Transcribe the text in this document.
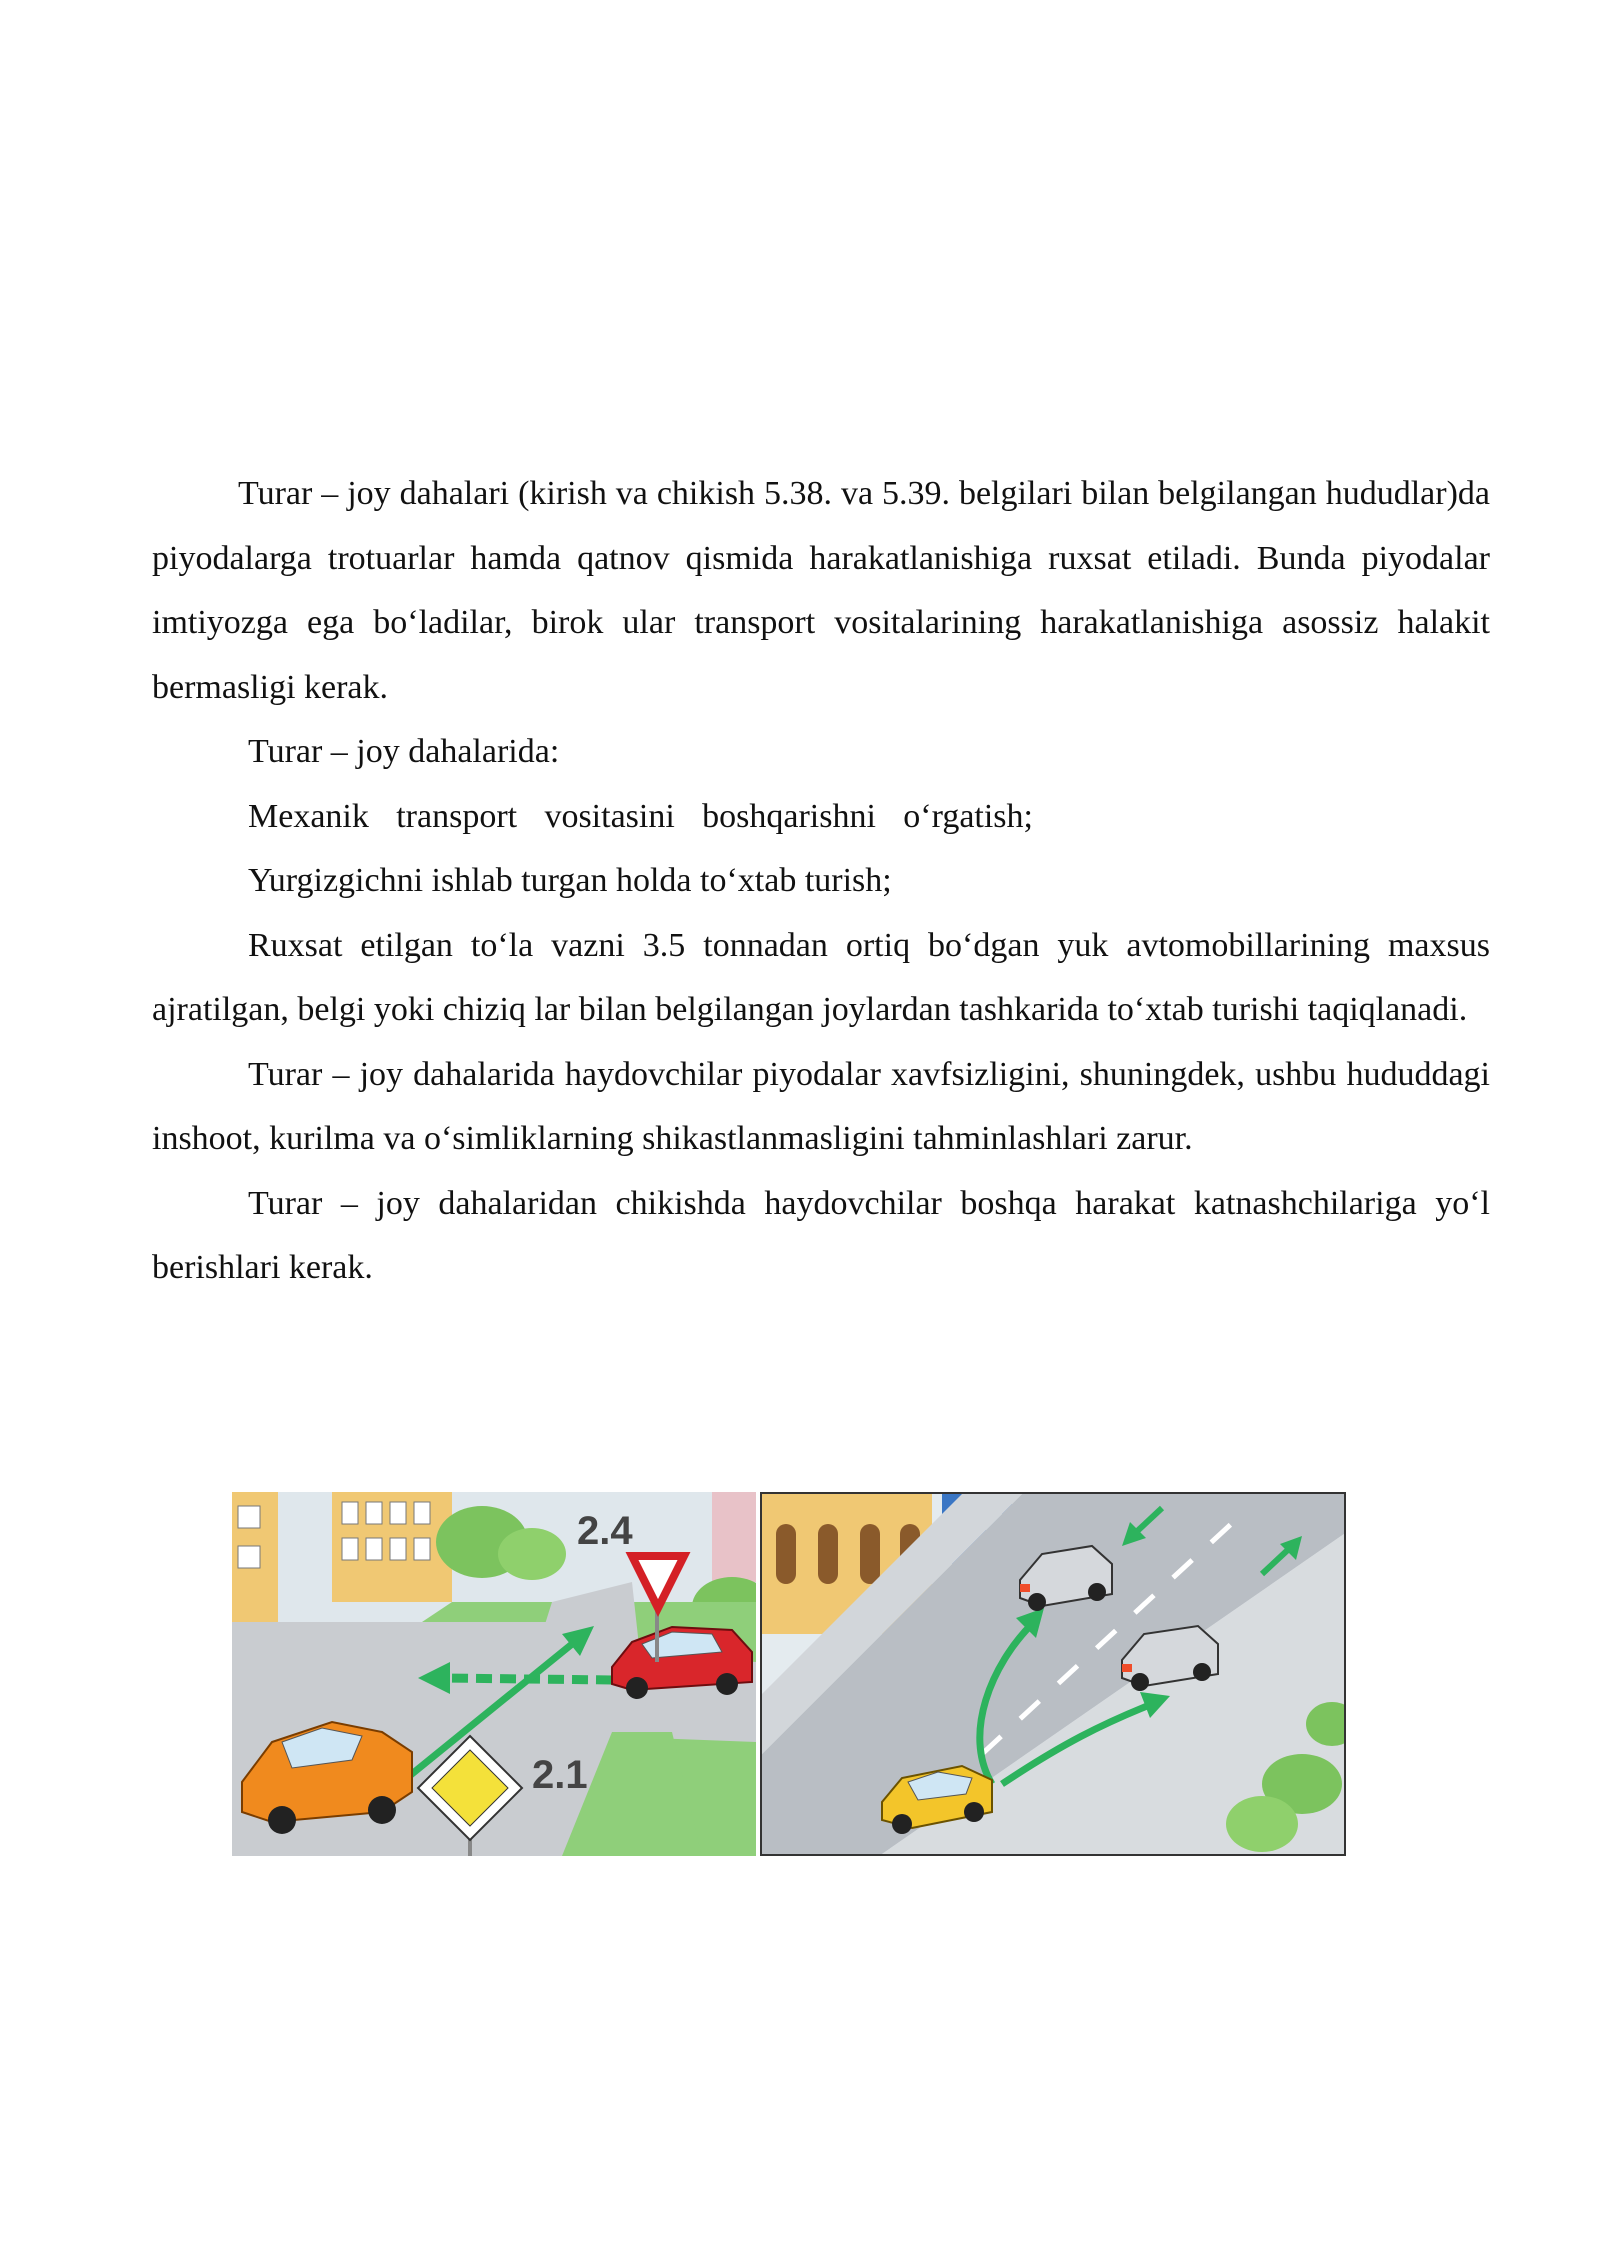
Turar – joy dahalari (kirish va chikish 5.38. va 5.39. belgilari bilan belgilangan hududlar)da piyodalarga trotuarlar hamda qatnov qismida harakatlanishiga ruxsat etiladi. Bunda piyodalar imtiyozga ega bo‘ladilar, birok ular transport vositalarining harakatlanishiga asossiz halakit bermasligi kerak.

Turar – joy dahalarida:

Mexanik transport vositasini boshqarishni o‘rgatish; Yurgizgichni ishlab turgan holda to‘xtab turish;

Ruxsat etilgan to‘la vazni 3.5 tonnadan ortiq bo‘dgan yuk avtomobillarining maxsus ajratilgan, belgi yoki chiziq lar bilan belgilangan joylardan tashkarida to‘xtab turishi taqiqlanadi.

Turar – joy dahalarida haydovchilar piyodalar xavfsizligini, shuningdek, ushbu hududdagi inshoot, kurilma va o‘simliklarning shikastlanmasligini tahminlashlari zarur.

Turar – joy dahalaridan chikishda haydovchilar boshqa harakat katnashchilariga yo‘l berishlari kerak.

2.4
2.1
